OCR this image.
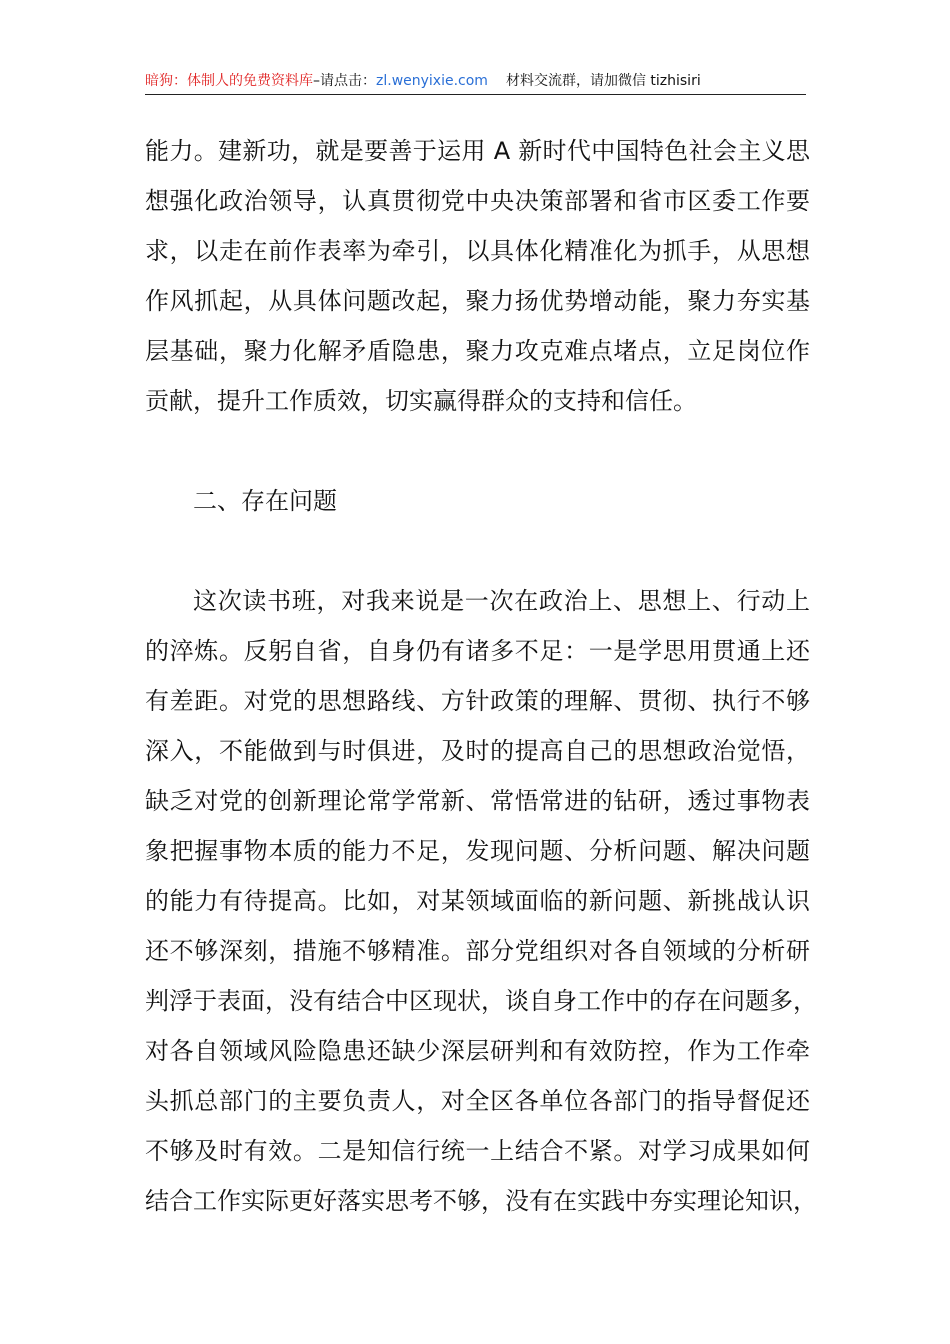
暗狗：体制人的免费资料库–请点击：zl.wenyixie.com 材料交流群，请加微信 tizhisiri
能力。建新功，就是要善于运用 A 新时代中国特色社会主义思
想强化政治领导，认真贯彻党中央决策部署和省市区委工作要
求，以走在前作表率为牵引，以具体化精准化为抓手，从思想
作风抓起，从具体问题改起，聚力扬优势增动能，聚力夯实基
层基础，聚力化解矛盾隐患，聚力攻克难点堵点，立足岗位作
贡献，提升工作质效，切实赢得群众的支持和信任。
二、存在问题
这次读书班，对我来说是一次在政治上、思想上、行动上
的淬炼。反躬自省，自身仍有诸多不足：一是学思用贯通上还
有差距。对党的思想路线、方针政策的理解、贯彻、执行不够
深入，不能做到与时俱进，及时的提高自己的思想政治觉悟，
缺乏对党的创新理论常学常新、常悟常进的钻研，透过事物表
象把握事物本质的能力不足，发现问题、分析问题、解决问题
的能力有待提高。比如，对某领域面临的新问题、新挑战认识
还不够深刻，措施不够精准。部分党组织对各自领域的分析研
判浮于表面，没有结合中区现状，谈自身工作中的存在问题多，
对各自领域风险隐患还缺少深层研判和有效防控，作为工作牵
头抓总部门的主要负责人，对全区各单位各部门的指导督促还
不够及时有效。二是知信行统一上结合不紧。对学习成果如何
结合工作实际更好落实思考不够，没有在实践中夯实理论知识，
